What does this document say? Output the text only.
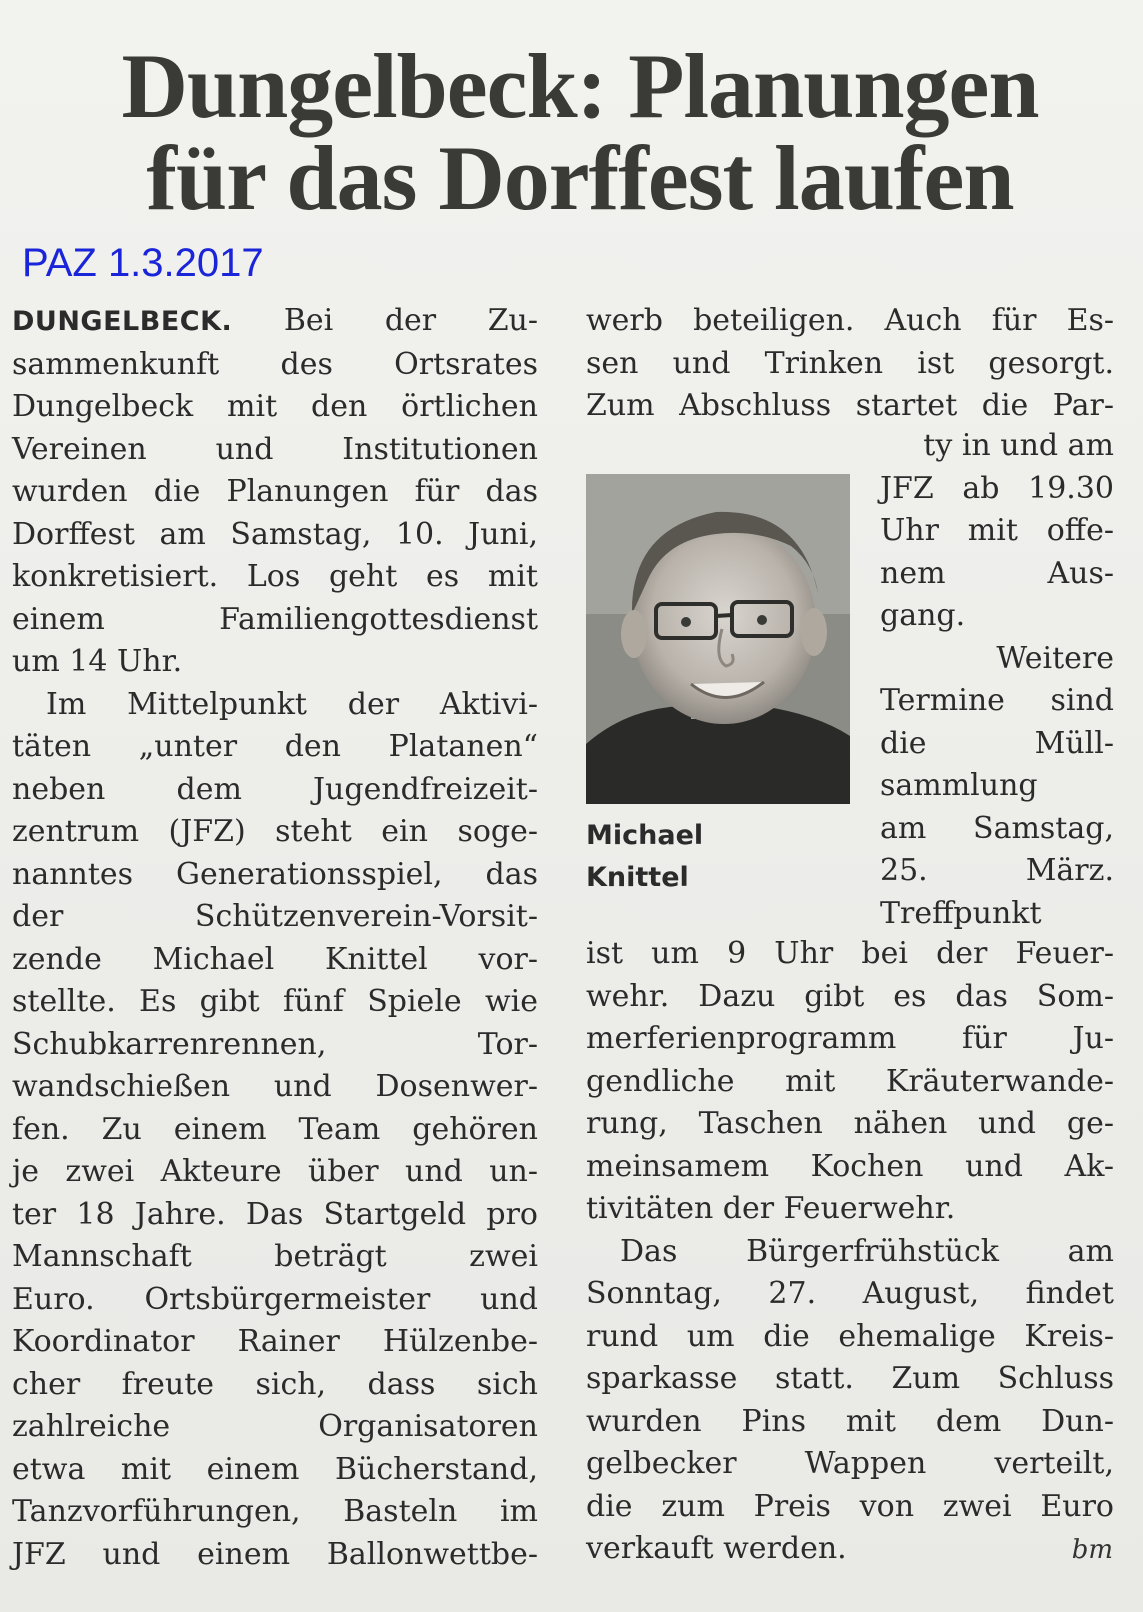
Dungelbeck: Planungen
für das Dorffest laufen
PAZ 1.3.2017
DUNGELBECK. Bei der Zu-
sammenkunft des Ortsrates
Dungelbeck mit den örtlichen
Vereinen und Institutionen
wurden die Planungen für das
Dorffest am Samstag, 10. Juni,
konkretisiert. Los geht es mit
einem Familiengottesdienst
um 14 Uhr.
Im Mittelpunkt der Aktivi-
täten „unter den Platanen“
neben dem Jugendfreizeit-
zentrum (JFZ) steht ein soge-
nanntes Generationsspiel, das
der Schützenverein-Vorsit-
zende Michael Knittel vor-
stellte. Es gibt fünf Spiele wie
Schubkarrenrennen, Tor-
wandschießen und Dosenwer-
fen. Zu einem Team gehören
je zwei Akteure über und un-
ter 18 Jahre. Das Startgeld pro
Mannschaft beträgt zwei
Euro. Ortsbürgermeister und
Koordinator Rainer Hülzenbe-
cher freute sich, dass sich
zahlreiche Organisatoren
etwa mit einem Bücherstand,
Tanzvorführungen, Basteln im
JFZ und einem Ballonwettbe-
werb beteiligen. Auch für Es-
sen und Trinken ist gesorgt.
Zum Abschluss startet die Par-
ty in und am
JFZ ab 19.30
Uhr mit offe-
nem Aus-
gang.
Weitere
Termine sind
die Müll-
sammlung
am Samstag,
25. März.
Treffpunkt
Michael
Knittel
ist um 9 Uhr bei der Feuer-
wehr. Dazu gibt es das Som-
merferienprogramm für Ju-
gendliche mit Kräuterwande-
rung, Taschen nähen und ge-
meinsamem Kochen und Ak-
tivitäten der Feuerwehr.
Das Bürgerfrühstück am
Sonntag, 27. August, findet
rund um die ehemalige Kreis-
sparkasse statt. Zum Schluss
wurden Pins mit dem Dun-
gelbecker Wappen verteilt,
die zum Preis von zwei Euro
verkauft werden.	bm
